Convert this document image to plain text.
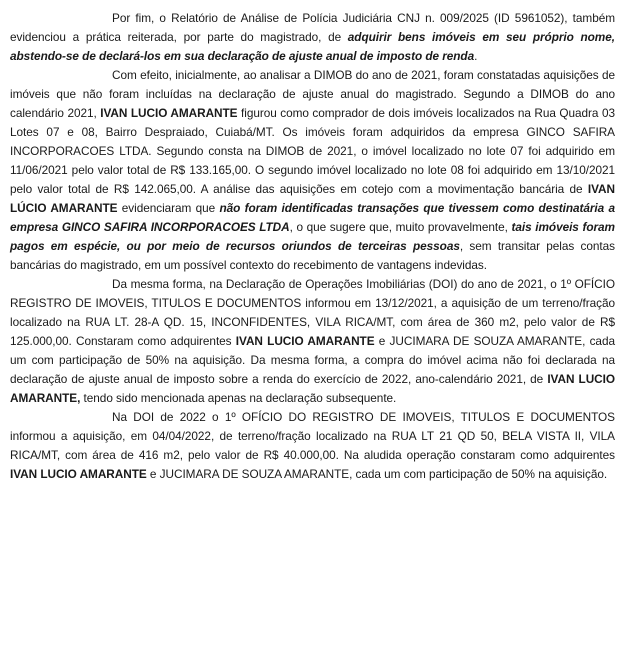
Por fim, o Relatório de Análise de Polícia Judiciária CNJ n. 009/2025 (ID 5961052), também evidenciou a prática reiterada, por parte do magistrado, de adquirir bens imóveis em seu próprio nome, abstendo-se de declará-los em sua declaração de ajuste anual de imposto de renda.

Com efeito, inicialmente, ao analisar a DIMOB do ano de 2021, foram constatadas aquisições de imóveis que não foram incluídas na declaração de ajuste anual do magistrado. Segundo a DIMOB do ano calendário 2021, IVAN LUCIO AMARANTE figurou como comprador de dois imóveis localizados na Rua Quadra 03 Lotes 07 e 08, Bairro Despraiado, Cuiabá/MT. Os imóveis foram adquiridos da empresa GINCO SAFIRA INCORPORACOES LTDA. Segundo consta na DIMOB de 2021, o imóvel localizado no lote 07 foi adquirido em 11/06/2021 pelo valor total de R$ 133.165,00. O segundo imóvel localizado no lote 08 foi adquirido em 13/10/2021 pelo valor total de R$ 142.065,00. A análise das aquisições em cotejo com a movimentação bancária de IVAN LÚCIO AMARANTE evidenciaram que não foram identificadas transações que tivessem como destinatária a empresa GINCO SAFIRA INCORPORACOES LTDA, o que sugere que, muito provavelmente, tais imóveis foram pagos em espécie, ou por meio de recursos oriundos de terceiras pessoas, sem transitar pelas contas bancárias do magistrado, em um possível contexto do recebimento de vantagens indevidas.

Da mesma forma, na Declaração de Operações Imobiliárias (DOI) do ano de 2021, o 1º OFÍCIO REGISTRO DE IMOVEIS, TITULOS E DOCUMENTOS informou em 13/12/2021, a aquisição de um terreno/fração localizado na RUA LT. 28-A QD. 15, INCONFIDENTES, VILA RICA/MT, com área de 360 m2, pelo valor de R$ 125.000,00. Constaram como adquirentes IVAN LUCIO AMARANTE e JUCIMARA DE SOUZA AMARANTE, cada um com participação de 50% na aquisição. Da mesma forma, a compra do imóvel acima não foi declarada na declaração de ajuste anual de imposto sobre a renda do exercício de 2022, ano-calendário 2021, de IVAN LUCIO AMARANTE, tendo sido mencionada apenas na declaração subsequente.

Na DOI de 2022 o 1º OFÍCIO DO REGISTRO DE IMOVEIS, TITULOS E DOCUMENTOS informou a aquisição, em 04/04/2022, de terreno/fração localizado na RUA LT 21 QD 50, BELA VISTA II, VILA RICA/MT, com área de 416 m2, pelo valor de R$ 40.000,00. Na aludida operação constaram como adquirentes IVAN LUCIO AMARANTE e JUCIMARA DE SOUZA AMARANTE, cada um com participação de 50% na aquisição.
